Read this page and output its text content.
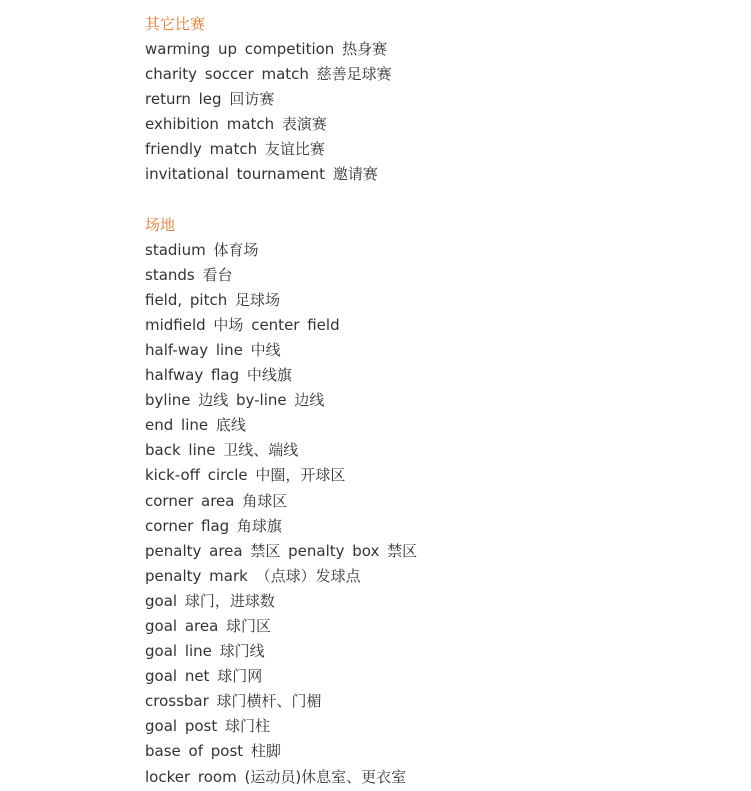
其它比赛
warming up competition 热身赛
charity soccer match 慈善足球赛
return leg 回访赛
exhibition match 表演赛
friendly match 友谊比赛
invitational tournament 邀请赛
场地
stadium 体育场
stands 看台
field, pitch 足球场
midfield 中场 center field
half-way line 中线
halfway flag 中线旗
byline 边线 by-line 边线
end line 底线
back line 卫线、端线
kick-off circle 中圈，开球区
corner area 角球区
corner flag 角球旗
penalty area 禁区 penalty box 禁区
penalty mark （点球）发球点
goal 球门，进球数
goal area 球门区
goal line 球门线
goal net 球门网
crossbar 球门横杆、门楣
goal post 球门柱
base of post 柱脚
locker room (运动员)休息室、更衣室
